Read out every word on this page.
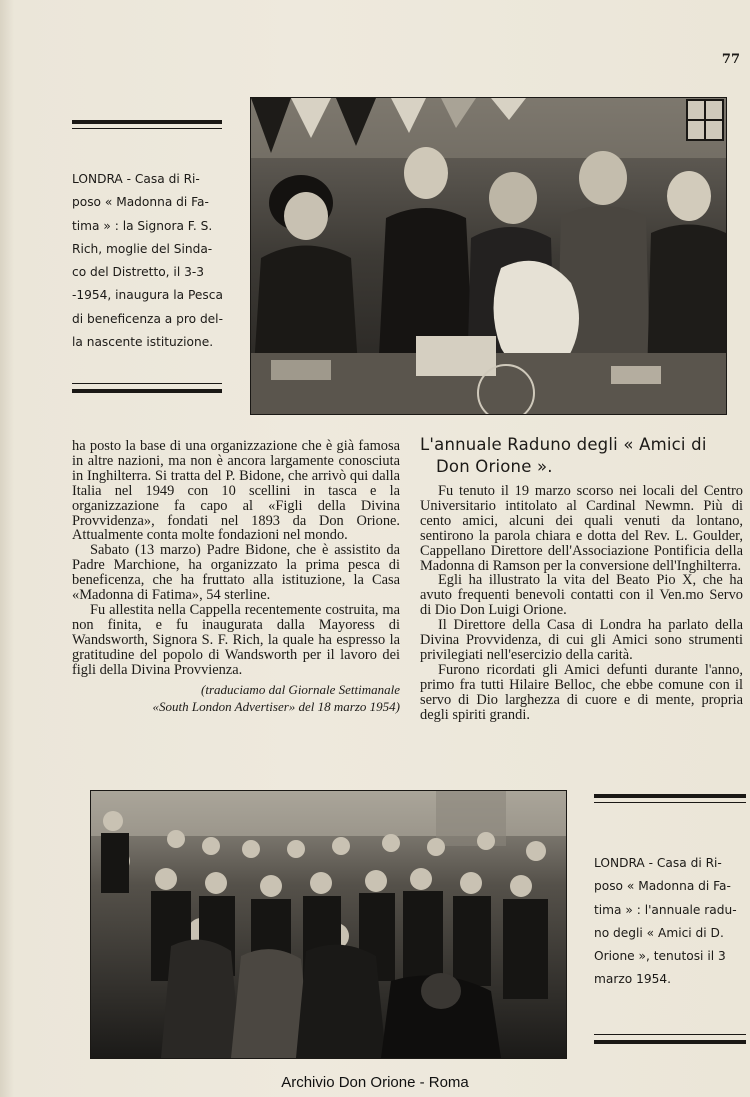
77

LONDRA - Casa di Ri-
poso « Madonna di Fa-
tima » : la Signora F. S.
Rich, moglie del Sinda-
co del Distretto, il 3-3
-1954, inaugura la Pesca
di beneficenza a pro del-
la nascente istituzione.

ha posto la base di una organizzazione che è già famosa in altre nazioni, ma non è ancora largamente conosciuta in Inghilterra. Si tratta del P. Bidone, che arrivò qui dalla Italia nel 1949 con 10 scellini in tasca e la organizzazione fa capo al «Figli della Divina Provvidenza», fondati nel 1893 da Don Orione. Attualmente conta molte fondazioni nel mondo.

Sabato (13 marzo) Padre Bidone, che è assistito da Padre Marchione, ha organizzato la prima pesca di beneficenza, che ha fruttato alla istituzione, la Casa «Madonna di Fatima», 54 sterline.

Fu allestita nella Cappella recentemente costruita, ma non finita, e fu inaugurata dalla Mayoress di Wandsworth, Signora S. F. Rich, la quale ha espresso la gratitudine del popolo di Wandsworth per il lavoro dei figli della Divina Provvienza.

(traduciamo dal Giornale Settimanale

«South London Advertiser» del 18 marzo 1954)

L'annuale Raduno degli « Amici di
Don Orione ».

Fu tenuto il 19 marzo scorso nei locali del Centro Universitario intitolato al Cardinal Newmn. Più di cento amici, alcuni dei quali venuti da lontano, sentirono la parola chiara e dotta del Rev. L. Goulder, Cappellano Direttore dell'Associazione Pontificia della Madonna di Ramson per la conversione dell'Inghilterra.

Egli ha illustrato la vita del Beato Pio X, che ha avuto frequenti benevoli contatti con il Ven.mo Servo di Dio Don Luigi Orione.

Il Direttore della Casa di Londra ha parlato della Divina Provvidenza, di cui gli Amici sono strumenti privilegiati nell'esercizio della carità.

Furono ricordati gli Amici defunti durante l'anno, primo fra tutti Hilaire Belloc, che ebbe comune con il servo di Dio larghezza di cuore e di mente, propria degli spiriti grandi.

LONDRA - Casa di Ri-
poso « Madonna di Fa-
tima » : l'annuale radu-
no degli « Amici di D.
Orione », tenutosi il 3
marzo 1954.

Archivio Don Orione - Roma
